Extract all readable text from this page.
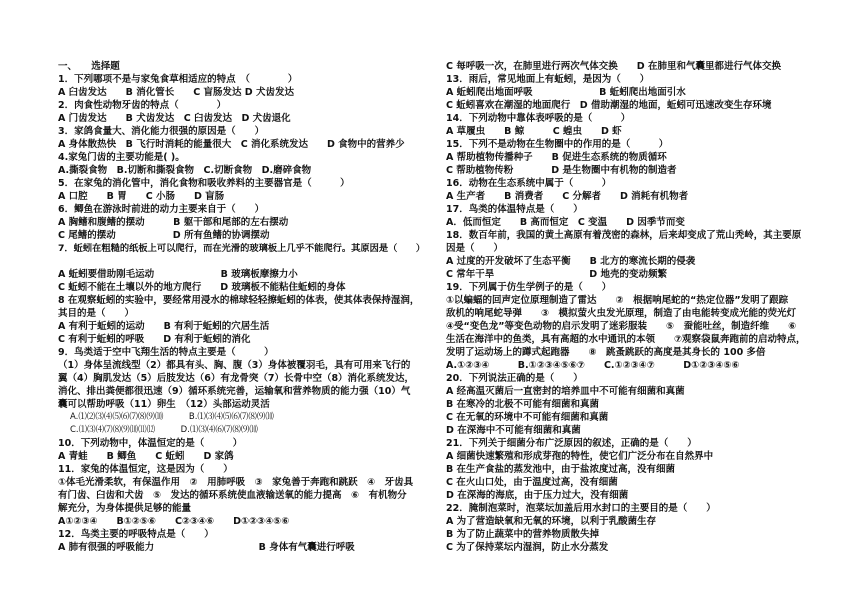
一、　　选择题
1．下列哪项不是与家兔食草相适应的特点　（　　　　）
A 臼齿发达　　B 消化管长　　C 盲肠发达 D 犬齿发达
2．肉食性动物牙齿的特点（　　　　）
A 门齿发达　　B 犬齿发达　C 臼齿发达　D 犬齿退化
3．家鸽食量大、消化能力很强的原因是（　　）
A 身体散热快　B 飞行时消耗的能量很大　C 消化系统发达　　D 食物中的营养少
4.家兔门齿的主要功能是( )。
A.撕裂食物　B.切断和撕裂食物　C.切断食物　D.磨碎食物
5．在家兔的消化管中，消化食物和吸收养料的主要器官是（　　　）
A 口腔　　B 胃　　C 小肠　　D 盲肠
6．鲫鱼在游泳时前进的动力主要来自于（　　）
A 胸鳍和腹鳍的摆动　　　B 躯干部和尾部的左右摆动
C 尾鳍的摆动　　　　　　D 所有鱼鳍的协调摆动
7．蚯蚓在粗糙的纸板上可以爬行，而在光滑的玻璃板上几乎不能爬行。其原因是（　　）
A 蚯蚓要借助刚毛运动　　　　　　　B 玻璃板摩擦力小
C 蚯蚓不能在土壤以外的地方爬行　　D 玻璃板不能粘住蚯蚓的身体
8 在观察蚯蚓的实验中，要经常用浸水的棉球轻轻擦蚯蚓的体表，使其体表保持湿润，
其目的是（　　）
A 有利于蚯蚓的运动　　B 有利于蚯蚓的穴居生活
C 有利于蚯蚓的呼吸　　D 有利于蚯蚓的消化
9．鸟类适于空中飞翔生活的特点主要是（　　　）
（1）身体呈流线型（2）都具有头、胸、腹（3）身体被覆羽毛，具有可用来飞行的
翼（4）胸肌发达（5）后肢发达（6）有龙骨突（7）长骨中空（8）消化系统发达，
消化、排出粪便都很迅速（9）循环系统完善，运输氧和营养物质的能力强（10）气
囊可以帮助呼吸（11）卵生　（12）头部运动灵活
A.⑴⑵⑶⑷⑸⑹⑺⑻⑼⑽　　　B.⑴⑶⑷⑸⑹⑺⑻⑼⑽
C.⑴⑶⑷⑺⑻⑼⑽⑾⑿　　　D.⑴⑶⑷⑹⑺⑻⑼⑽
10．下列动物中，体温恒定的是（　　　）
A 青蛙　　B 鲫鱼　　C 蚯蚓　　D 家鸽
11．家兔的体温恒定，这是因为（　　）
①体毛光滑柔软，有保温作用　②　用肺呼吸　③　家兔善于奔跑和跳跃　④　牙齿具
有门齿、臼齿和犬齿　⑤　发达的循环系统使血液输送氧的能力提高　⑥　有机物分
解充分，为身体提供足够的能量
A①②③④　　B①②⑤⑥　　C②③④⑥　　D①②③④⑤⑥
12．鸟类主要的呼吸特点是（　　）
A 肺有很强的呼吸能力　　　　　　　　　　　B 身体有气囊进行呼吸
C 每呼吸一次，在肺里进行两次气体交换　　D 在肺里和气囊里都进行气体交换
13．雨后，常见地面上有蚯蚓，是因为（　　）
A 蚯蚓爬出地面呼吸　　　　　　　B 蚯蚓爬出地面引水
C 蚯蚓喜欢在潮湿的地面爬行　D 借助潮湿的地面，蚯蚓可迅速改变生存环境
14．下列动物中靠体表呼吸的是（　　　）
A 草履虫　　B 鲸　　　C 蝗虫　　D 虾
15．下列不是动物在生物圈中的作用的是（　　　）
A 帮助植物传播种子　　B 促进生态系统的物质循环
C 帮助植物传粉　　　　D 是生物圈中有机物的制造者
16．动物在生态系统中属于（　　　）
A 生产者　　B 消费者　　C 分解者　　D 消耗有机物者
17．鸟类的体温特点是（　　）
A．低而恒定　　B 高而恒定　C 变温　　D 因季节而变
18．数百年前，我国的黄土高原有着茂密的森林，后来却变成了荒山秃岭，其主要原
因是（　　）
A 过度的开发破坏了生态平衡　　B 北方的寒流长期的侵袭
C 常年干旱　　　　　　　　　　D 地壳的变动频繁
19．下列属于仿生学例子的是（　　）
①以蝙蝠的回声定位原理制造了雷达　　②　根据响尾蛇的“热定位器”发明了跟踪
敌机的响尾蛇导弹　　③　模拟萤火虫发光原理，制造了由电能转变成光能的荧光灯
④受“变色龙”等变色动物的启示发明了迷彩服装　　⑤　蚕能吐丝，制造纤维　　⑥
生活在海洋中的鱼类，具有高超的水中通讯的本领　　⑦观察袋鼠奔跑前的启动特点，
发明了运动场上的蹲式起跑器　　⑧　跳蚤跳跃的高度是其身长的 100 多倍
A.①②③④　　　B.①②③④⑤⑥⑦　　C.①②③④⑦　　　D①②③④⑤⑥
20．下列说法正确的是（　　）
A 经高温灭菌后一直密封的培养皿中不可能有细菌和真菌
B 在寒冷的北极不可能有细菌和真菌
C 在无氧的环境中不可能有细菌和真菌
D 在深海中不可能有细菌和真菌
21．下列关于细菌分布广泛原因的叙述，正确的是（　　）
A 细菌快速繁殖和形成芽孢的特性，使它们广泛分布在自然界中
B 在生产食盐的蒸发池中，由于盐浓度过高，没有细菌
C 在火山口处，由于温度过高，没有细菌
D 在深海的海底，由于压力过大，没有细菌
22．腌制泡菜时，泡菜坛加盖后用水封口的主要目的是（　　）
A 为了营造缺氧和无氧的环境，以利于乳酸菌生存
B 为了防止蔬菜中的营养物质散失掉
C 为了保持菜坛内湿润，防止水分蒸发
